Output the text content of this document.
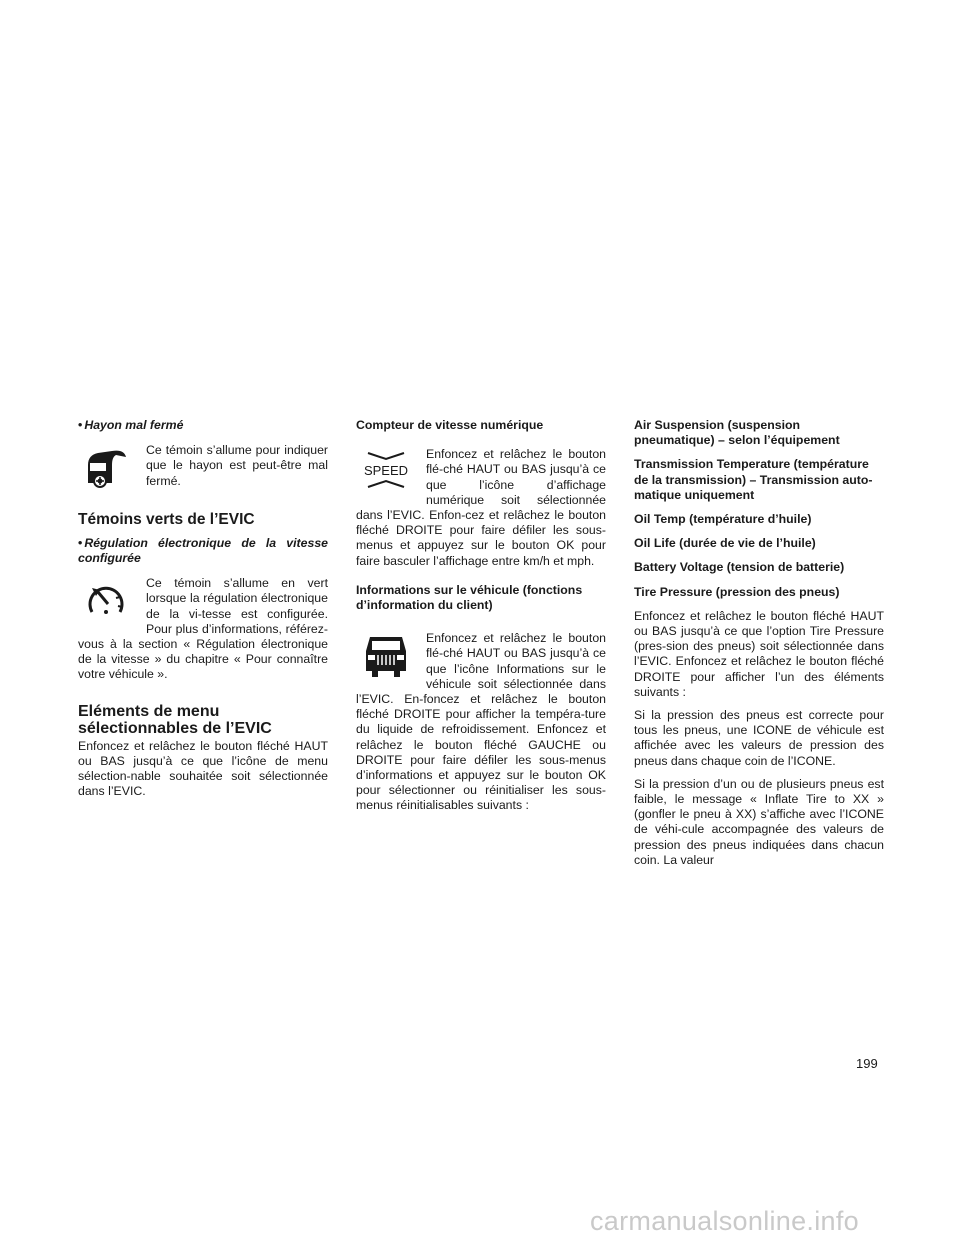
• Hayon mal fermé

Ce témoin s’allume pour indiquer que le hayon est peut-être mal fermé.

Témoins verts de l’EVIC

• Régulation électronique de la vitesse configurée

Ce témoin s’allume en vert lorsque la régulation électronique de la vi-tesse est configurée. Pour plus d’informations, référez-vous à la section « Régulation électronique de la vitesse » du chapitre « Pour connaître votre véhicule ».

Eléments de menu sélectionnables de l’EVIC

Enfoncez et relâchez le bouton fléché HAUT ou BAS jusqu’à ce que l’icône de menu sélection-nable souhaitée soit sélectionnée dans l’EVIC.

Compteur de vitesse numérique

SPEED

Enfoncez et relâchez le bouton flé-ché HAUT ou BAS jusqu’à ce que l’icône d’affichage numérique soit sélectionnée dans l’EVIC. Enfon-cez et relâchez le bouton fléché DROITE pour faire défiler les sous-menus et appuyez sur le bouton OK pour faire basculer l’affichage entre km/h et mph.

Informations sur le véhicule (fonctions d’information du client)

Enfoncez et relâchez le bouton flé-ché HAUT ou BAS jusqu’à ce que l’icône Informations sur le véhicule soit sélectionnée dans l’EVIC. En-foncez et relâchez le bouton fléché DROITE pour afficher la tempéra-ture du liquide de refroidissement. Enfoncez et relâchez le bouton fléché GAUCHE ou DROITE pour faire défiler les sous-menus d’informations et appuyez sur le bouton OK pour sélectionner ou réinitialiser les sous-menus réinitialisables suivants :

Air Suspension (suspension pneumatique) – selon l’équipement

Transmission Temperature (température de la transmission) – Transmission auto-matique uniquement

Oil Temp (température d’huile)

Oil Life (durée de vie de l’huile)

Battery Voltage (tension de batterie)

Tire Pressure (pression des pneus)

Enfoncez et relâchez le bouton fléché HAUT ou BAS jusqu’à ce que l’option Tire Pressure (pres-sion des pneus) soit sélectionnée dans l’EVIC. Enfoncez et relâchez le bouton fléché DROITE pour afficher l’un des éléments suivants :

Si la pression des pneus est correcte pour tous les pneus, une ICONE de véhicule est affichée avec les valeurs de pression des pneus dans chaque coin de l’ICONE.

Si la pression d’un ou de plusieurs pneus est faible, le message « Inflate Tire to XX » (gonfler le pneu à XX) s’affiche avec l’ICONE de véhi-cule accompagnée des valeurs de pression des pneus indiquées dans chacun coin. La valeur

199
carmanualsonline.info
